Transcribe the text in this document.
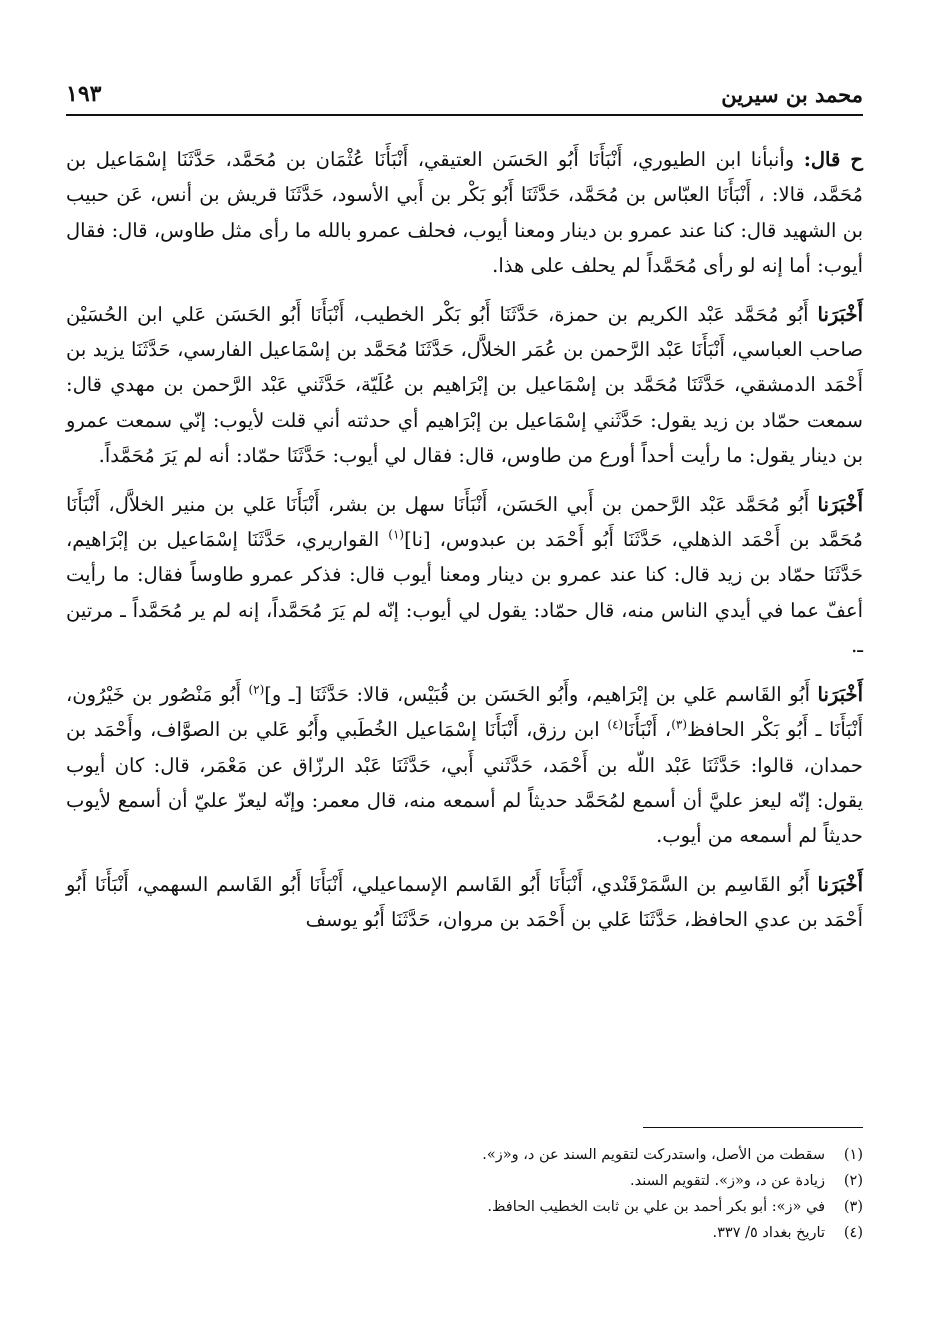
محمد بن سيرين
١٩٣

ح قال: وأنبأنا ابن الطيوري، أَنْبَأَنَا أَبُو الحَسَن العتيقي، أَنْبَأَنَا عُثْمَان بن مُحَمَّد، حَدَّثَنَا إسْمَاعيل بن مُحَمَّد، قالا: ، أَنْبَأَنَا العبّاس بن مُحَمَّد، حَدَّثَنَا أَبُو بَكْر بن أَبي الأسود، حَدَّثَنَا قريش بن أنس، عَن حبيب بن الشهيد قال: كنا عند عمرو بن دينار ومعنا أيوب، فحلف عمرو بالله ما رأى مثل طاوس، قال: فقال أيوب: أما إنه لو رأى مُحَمَّداً لم يحلف على هذا.

أَخْبَرَنا أَبُو مُحَمَّد عَبْد الكريم بن حمزة، حَدَّثَنَا أَبُو بَكْر الخطيب، أَنْبَأَنَا أَبُو الحَسَن عَلي ابن الحُسَيْن صاحب العباسي، أَنْبَأَنَا عَبْد الرَّحمن بن عُمَر الخلاَّل، حَدَّثَنَا مُحَمَّد بن إسْمَاعيل الفارسي، حَدَّثَنَا يزيد بن أَحْمَد الدمشقي، حَدَّثَنَا مُحَمَّد بن إسْمَاعيل بن إبْرَاهيم بن عُلَيّة، حَدَّثَني عَبْد الرَّحمن بن مهدي قال: سمعت حمّاد بن زيد يقول: حَدَّثَني إسْمَاعيل بن إبْرَاهيم أي حدثته أني قلت لأيوب: إنّي سمعت عمرو بن دينار يقول: ما رأيت أحداً أورع من طاوس، قال: فقال لي أيوب: حَدَّثَنَا حمّاد: أنه لم يَرَ مُحَمَّداً.

أَخْبَرَنا أَبُو مُحَمَّد عَبْد الرَّحمن بن أَبي الحَسَن، أَنْبَأَنَا سهل بن بشر، أَنْبَأَنَا عَلي بن منير الخلاَّل، أَنْبَأَنَا مُحَمَّد بن أَحْمَد الذهلي، حَدَّثَنَا أَبُو أَحْمَد بن عبدوس، [نا]$^{(١)}$ القواريري، حَدَّثَنَا إسْمَاعيل بن إبْرَاهيم، حَدَّثَنَا حمّاد بن زيد قال: كنا عند عمرو بن دينار ومعنا أيوب قال: فذكر عمرو طاوساً فقال: ما رأيت أعفّ عما في أيدي الناس منه، قال حمّاد: يقول لي أيوب: إنّه لم يَرَ مُحَمَّداً، إنه لم ير مُحَمَّداً ـ مرتين ـ.

أَخْبَرَنا أَبُو القَاسم عَلي بن إبْرَاهيم، وأَبُو الحَسَن بن قُبَيْس، قالا: حَدَّثَنَا [ـ و]$^{(٢)}$ أَبُو مَنْصُور بن خَيْرُون، أَنْبَأَنَا ـ أَبُو بَكْر الحافظ$^{(٣)}$، أَنْبَأَنَا$^{(٤)}$ ابن رزق، أَنْبَأَنَا إسْمَاعيل الخُطَبي وأَبُو عَلي بن الصوَّاف، وأَحْمَد بن حمدان، قالوا: حَدَّثَنَا عَبْد اللّه بن أَحْمَد، حَدَّثَني أَبي، حَدَّثَنَا عَبْد الرزّاق عن مَعْمَر، قال: كان أيوب يقول: إنّه ليعز عليَّ أن أسمع لمُحَمَّد حديثاً لم أسمعه منه، قال معمر: وإنّه ليعزّ عليّ أن أسمع لأيوب حديثاً لم أسمعه من أيوب.

أَخْبَرَنا أَبُو القَاسِم بن السَّمَرْقَنْدي، أَنْبَأَنَا أَبُو القَاسم الإسماعيلي، أَنْبَأَنَا أَبُو القَاسم السهمي، أَنْبَأَنَا أَبُو أَحْمَد بن عدي الحافظ، حَدَّثَنَا عَلي بن أَحْمَد بن مروان، حَدَّثَنَا أَبُو يوسف

(١)
سقطت من الأصل، واستدركت لتقويم السند عن د، و«ز».
(٢)
زيادة عن د، و«ز». لتقويم السند.
(٣)
في «ز»: أبو بكر أحمد بن علي بن ثابت الخطيب الحافظ.
(٤)
تاريخ بغداد ٥/ ٣٣٧.
